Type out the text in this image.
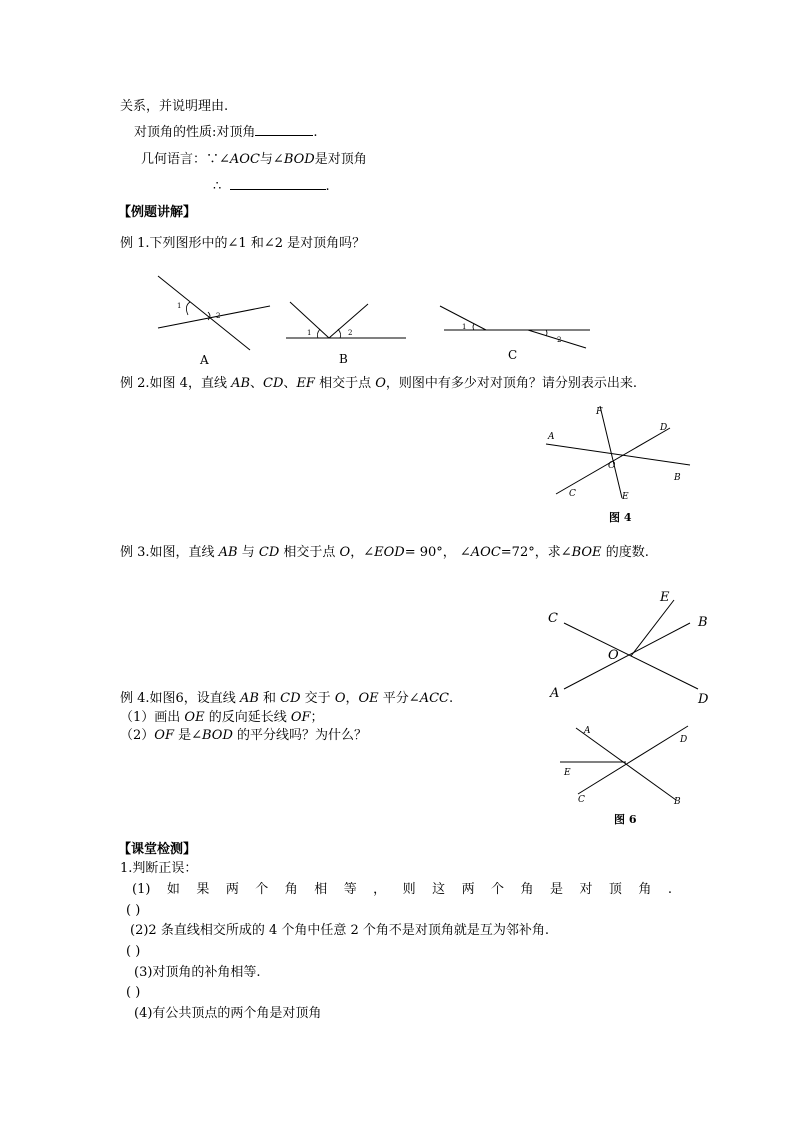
关系，并说明理由.
对顶角的性质:对顶角	.
几何语言：∵∠AOC与∠BOD是对顶角
∴	.
【例题讲解】
例 1.下列图形中的∠1 和∠2 是对顶角吗？
1
2
A
1	2
B
1
2
C
例 2.如图 4，直线 AB、CD、EF 相交于点 O，则图中有多少对对顶角？请分别表示出来.
F
A
D
O
B
C	E
图 4
例 3.如图，直线 AB 与 CD 相交于点 O，∠EOD= 90°， ∠AOC=72°，求∠BOE 的度数.
C
E
B
O
A	D
例 4.如图6，设直线 AB 和 CD 交于 O，OE 平分∠ACC.
（1）画出 OE 的反向延长线 OF；
（2）OF 是∠BOD 的平分线吗？为什么？	A
D
E
C	B
图 6
【课堂检测】
1.判断正误：
(1) 如 果 两 个 角 相 等 ， 则 这 两 个 角 是 对 顶 角 .
( )
(2)2 条直线相交所成的 4 个角中任意 2 个角不是对顶角就是互为邻补角.
( )
(3)对顶角的补角相等.
( )
(4)有公共顶点的两个角是对顶角
